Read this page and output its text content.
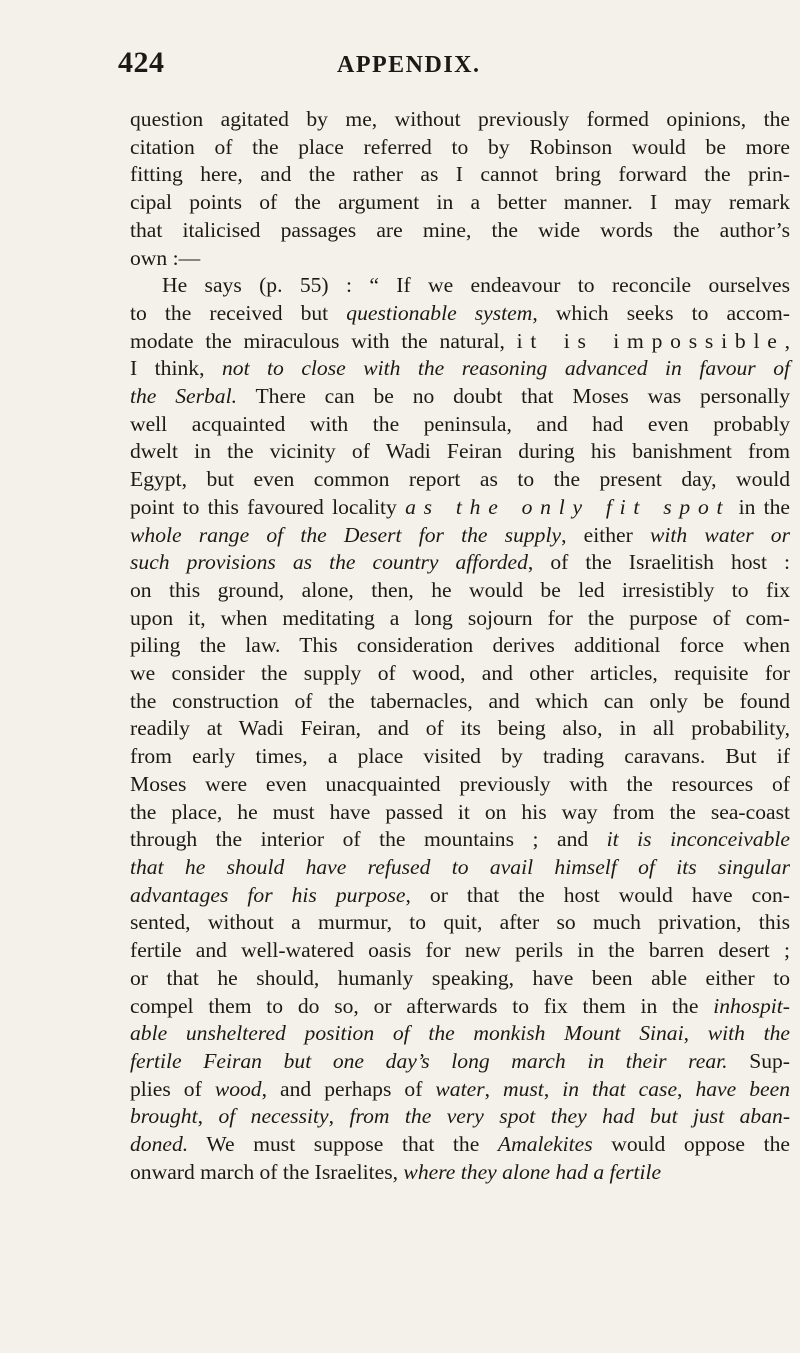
424	APPENDIX.
question agitated by me, without previously formed opinions, the
citation of the place referred to by Robinson would be more
fitting here, and the rather as I cannot bring forward the prin-
cipal points of the argument in a better manner. I may remark
that italicised passages are mine, the wide words the author’s
own :—
He says (p. 55) : “ If we endeavour to reconcile ourselves
to the received but questionable system, which seeks to accom-
modate the miraculous with the natural, it is impossible,
I think, not to close with the reasoning advanced in favour of
the Serbal. There can be no doubt that Moses was personally
well acquainted with the peninsula, and had even probably
dwelt in the vicinity of Wadi Feiran during his banishment from
Egypt, but even common report as to the present day, would
point to this favoured locality as the only fit spot in the
whole range of the Desert for the supply, either with water or
such provisions as the country afforded, of the Israelitish host :
on this ground, alone, then, he would be led irresistibly to fix
upon it, when meditating a long sojourn for the purpose of com-
piling the law. This consideration derives additional force when
we consider the supply of wood, and other articles, requisite for
the construction of the tabernacles, and which can only be found
readily at Wadi Feiran, and of its being also, in all probability,
from early times, a place visited by trading caravans. But if
Moses were even unacquainted previously with the resources of
the place, he must have passed it on his way from the sea-coast
through the interior of the mountains ; and it is inconceivable
that he should have refused to avail himself of its singular
advantages for his purpose, or that the host would have con-
sented, without a murmur, to quit, after so much privation, this
fertile and well-watered oasis for new perils in the barren desert ;
or that he should, humanly speaking, have been able either to
compel them to do so, or afterwards to fix them in the inhospit-
able unsheltered position of the monkish Mount Sinai, with the
fertile Feiran but one day’s long march in their rear. Sup-
plies of wood, and perhaps of water, must, in that case, have been
brought, of necessity, from the very spot they had but just aban-
doned. We must suppose that the Amalekites would oppose the
onward march of the Israelites, where they alone had a fertile
